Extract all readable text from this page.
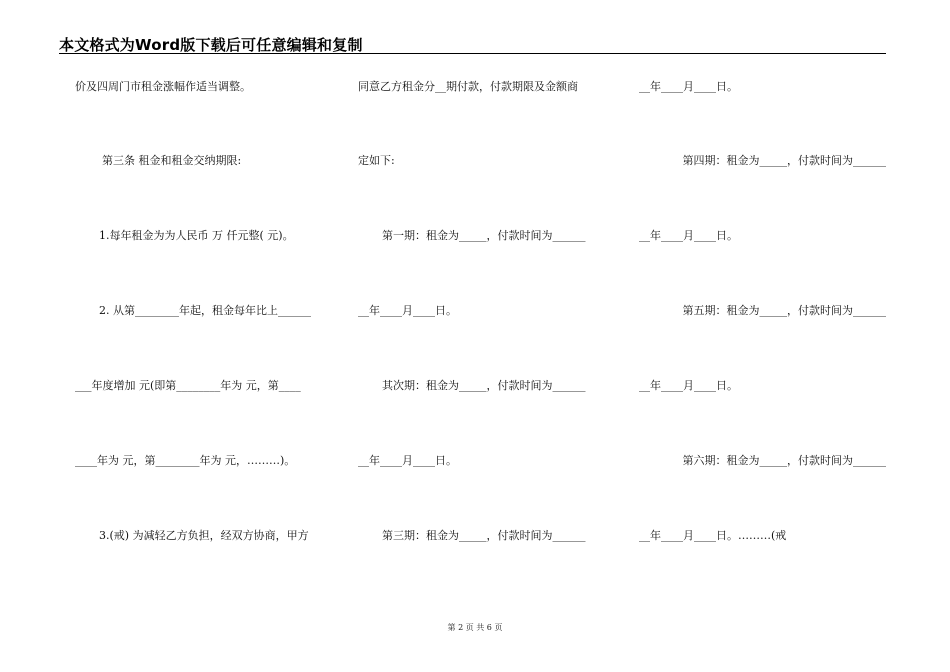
本文格式为Word版下载后可任意编辑和复制
价及四周门市租金涨幅作适当调整。
第三条 租金和租金交纳期限:
1.每年租金为为人民币 万 仟元整( 元)。
2. 从第________年起，租金每年比上______
___年度增加 元(即第________年为 元，第____
____年为 元，第________年为 元，………)。
3.(戒) 为减轻乙方负担，经双方协商，甲方
同意乙方租金分__期付款，付款期限及金额商
定如下:
第一期：租金为_____，付款时间为______
__年____月____日。
其次期：租金为_____，付款时间为______
__年____月____日。
第三期：租金为_____，付款时间为______
__年____月____日。
第四期：租金为_____，付款时间为______
__年____月____日。
第五期：租金为_____，付款时间为______
__年____月____日。
第六期：租金为_____，付款时间为______
__年____月____日。………(戒
第 2 页 共 6 页
